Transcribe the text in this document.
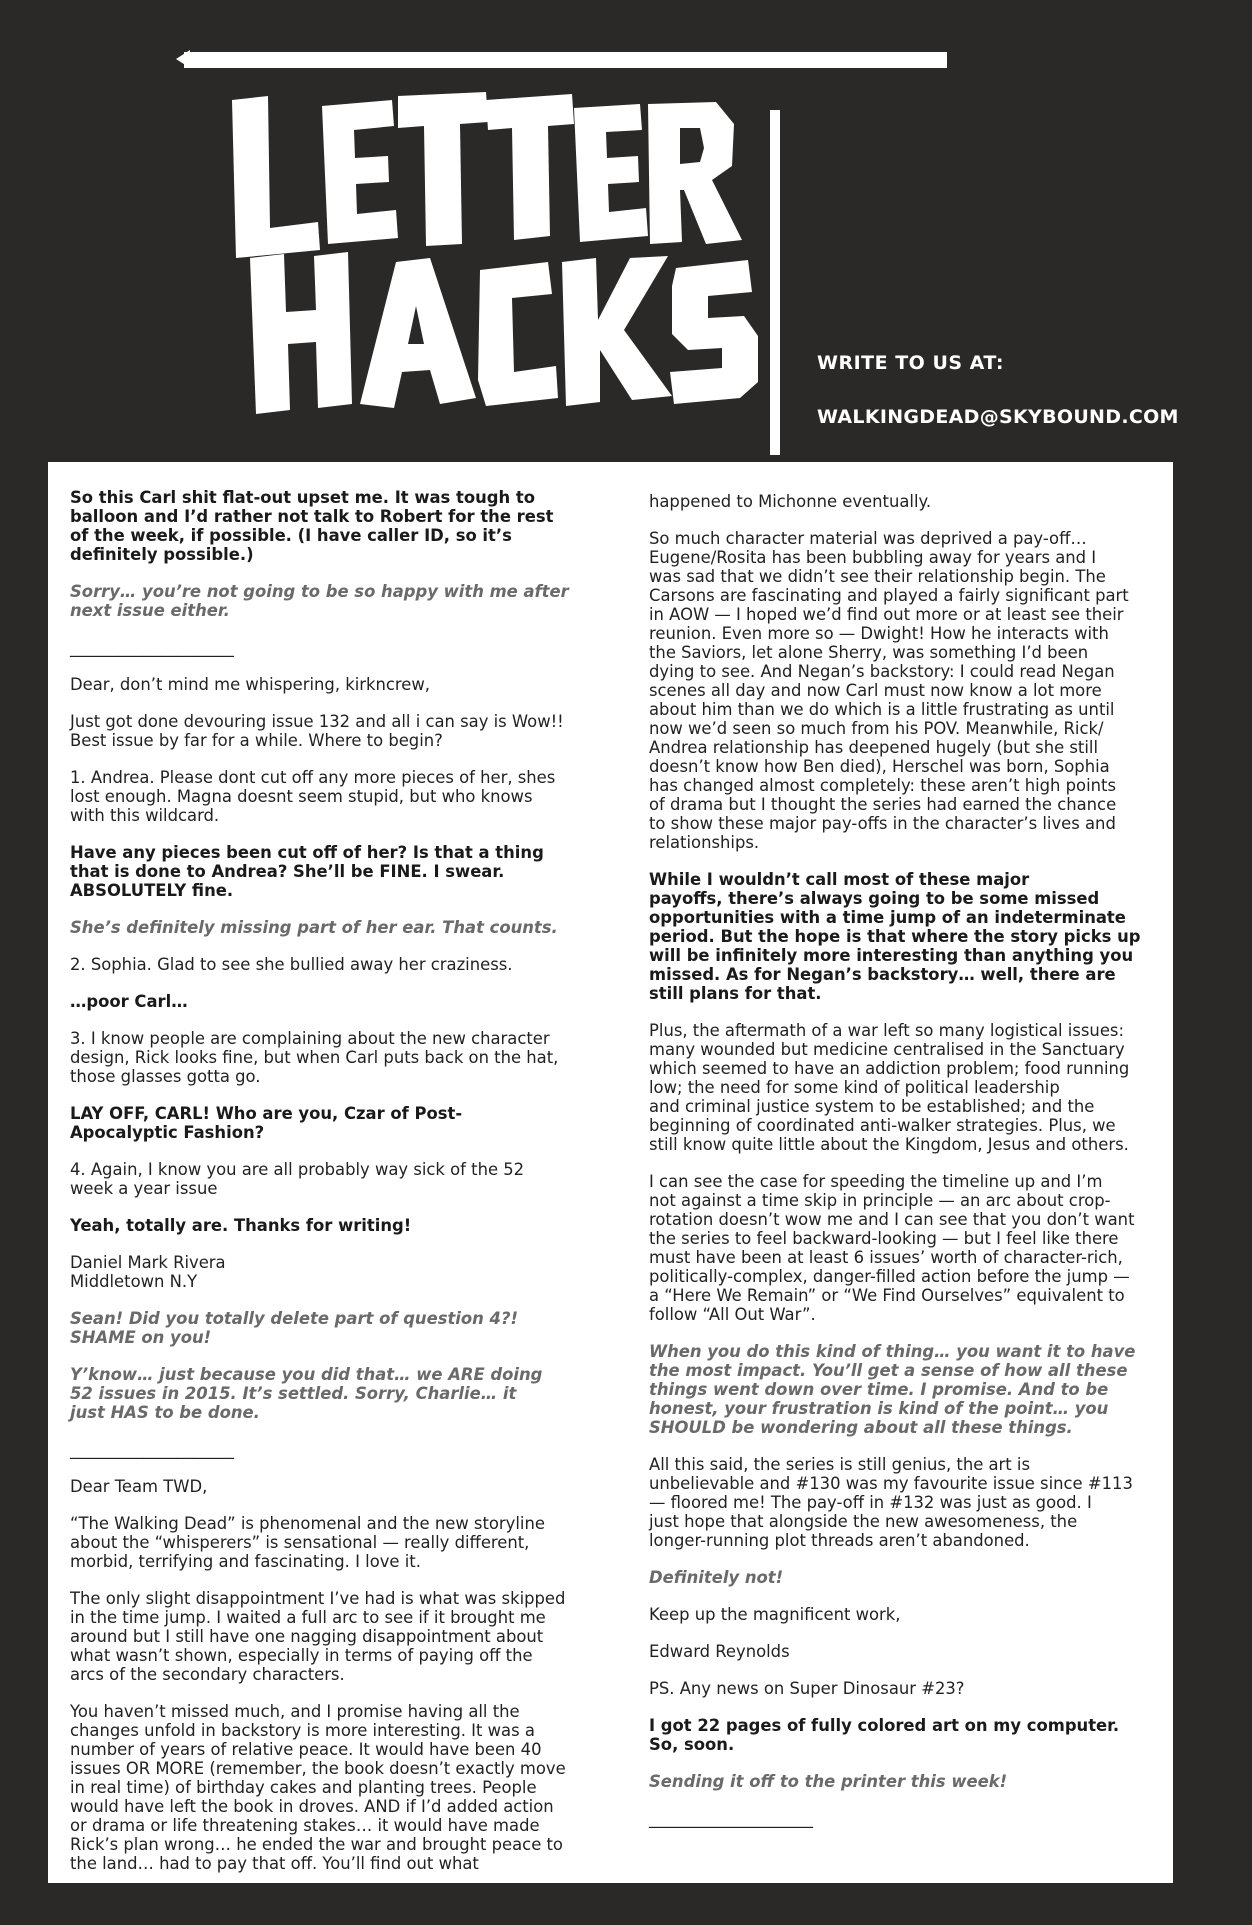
WRITE TO US AT:
WALKINGDEAD@SKYBOUND.COM

So this Carl shit flat-out upset me. It was tough to
balloon and I’d rather not talk to Robert for the rest
of the week, if possible. (I have caller ID, so it’s
definitely possible.)

Sorry… you’re not going to be so happy with me after
next issue either.

____________________

Dear, don’t mind me whispering, kirkncrew,

Just got done devouring issue 132 and all i can say is Wow!!
Best issue by far for a while. Where to begin?

1. Andrea. Please dont cut off any more pieces of her, shes
lost enough. Magna doesnt seem stupid, but who knows
with this wildcard.

Have any pieces been cut off of her? Is that a thing
that is done to Andrea? She’ll be FINE. I swear.
ABSOLUTELY fine.

She’s definitely missing part of her ear. That counts.

2. Sophia. Glad to see she bullied away her craziness.

…poor Carl…

3. I know people are complaining about the new character
design, Rick looks fine, but when Carl puts back on the hat,
those glasses gotta go.

LAY OFF, CARL! Who are you, Czar of Post-
Apocalyptic Fashion?

4. Again, I know you are all probably way sick of the 52
week a year issue

Yeah, totally are. Thanks for writing!

Daniel Mark Rivera
Middletown N.Y

Sean! Did you totally delete part of question 4?!
SHAME on you!

Y’know… just because you did that… we ARE doing
52 issues in 2015. It’s settled. Sorry, Charlie… it
just HAS to be done.

____________________

Dear Team TWD,

“The Walking Dead” is phenomenal and the new storyline
about the “whisperers” is sensational — really different,
morbid, terrifying and fascinating. I love it.

The only slight disappointment I’ve had is what was skipped
in the time jump. I waited a full arc to see if it brought me
around but I still have one nagging disappointment about
what wasn’t shown, especially in terms of paying off the
arcs of the secondary characters.

You haven’t missed much, and I promise having all the
changes unfold in backstory is more interesting. It was a
number of years of relative peace. It would have been 40
issues OR MORE (remember, the book doesn’t exactly move
in real time) of birthday cakes and planting trees. People
would have left the book in droves. AND if I’d added action
or drama or life threatening stakes… it would have made
Rick’s plan wrong… he ended the war and brought peace to
the land… had to pay that off. You’ll find out what

happened to Michonne eventually.

So much character material was deprived a pay-off…
Eugene/Rosita has been bubbling away for years and I
was sad that we didn’t see their relationship begin. The
Carsons are fascinating and played a fairly significant part
in AOW — I hoped we’d find out more or at least see their
reunion. Even more so — Dwight! How he interacts with
the Saviors, let alone Sherry, was something I’d been
dying to see. And Negan’s backstory: I could read Negan
scenes all day and now Carl must now know a lot more
about him than we do which is a little frustrating as until
now we’d seen so much from his POV. Meanwhile, Rick/
Andrea relationship has deepened hugely (but she still
doesn’t know how Ben died), Herschel was born, Sophia
has changed almost completely: these aren’t high points
of drama but I thought the series had earned the chance
to show these major pay-offs in the character’s lives and
relationships.

While I wouldn’t call most of these major
payoffs, there’s always going to be some missed
opportunities with a time jump of an indeterminate
period. But the hope is that where the story picks up
will be infinitely more interesting than anything you
missed. As for Negan’s backstory… well, there are
still plans for that.

Plus, the aftermath of a war left so many logistical issues:
many wounded but medicine centralised in the Sanctuary
which seemed to have an addiction problem; food running
low; the need for some kind of political leadership
and criminal justice system to be established; and the
beginning of coordinated anti-walker strategies. Plus, we
still know quite little about the Kingdom, Jesus and others.

I can see the case for speeding the timeline up and I’m
not against a time skip in principle — an arc about crop-
rotation doesn’t wow me and I can see that you don’t want
the series to feel backward-looking — but I feel like there
must have been at least 6 issues’ worth of character-rich,
politically-complex, danger-filled action before the jump —
a “Here We Remain” or “We Find Ourselves” equivalent to
follow “All Out War”.

When you do this kind of thing… you want it to have
the most impact. You’ll get a sense of how all these
things went down over time. I promise. And to be
honest, your frustration is kind of the point… you
SHOULD be wondering about all these things.

All this said, the series is still genius, the art is
unbelievable and #130 was my favourite issue since #113
— floored me! The pay-off in #132 was just as good. I
just hope that alongside the new awesomeness, the
longer-running plot threads aren’t abandoned.

Definitely not!

Keep up the magnificent work,

Edward Reynolds

PS. Any news on Super Dinosaur #23?

I got 22 pages of fully colored art on my computer.
So, soon.

Sending it off to the printer this week!

____________________
